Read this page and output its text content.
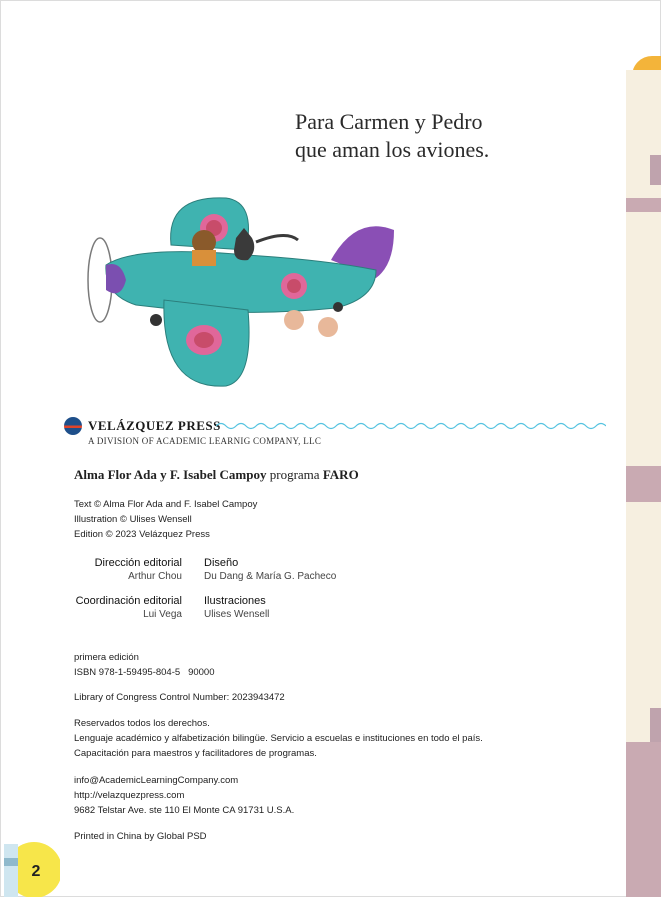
Para Carmen y Pedro
que aman los aviones.
VELÁZQUEZ PRESS
A DIVISION OF ACADEMIC LEARNIG COMPANY, LLC
Alma Flor Ada y F. Isabel Campoy programa FARO
Text © Alma Flor Ada and F. Isabel Campoy
Illustration © Ulises Wensell
Edition © 2023 Velázquez Press
Dirección editorial
Arthur Chou
Diseño
Du Dang & María G. Pacheco
Coordinación editorial
Lui Vega
Ilustraciones
Ulises Wensell
primera edición
ISBN 978-1-59495-804-5   90000
Library of Congress Control Number: 2023943472
Reservados todos los derechos.
Lenguaje académico y alfabetización bilingüe. Servicio a escuelas e instituciones en todo el país.
Capacitación para maestros y facilitadores de programas.
info@AcademicLearningCompany.com
http://velazquezpress.com
9682 Telstar Ave. ste 110 El Monte CA 91731 U.S.A.
Printed in China by Global PSD
2
